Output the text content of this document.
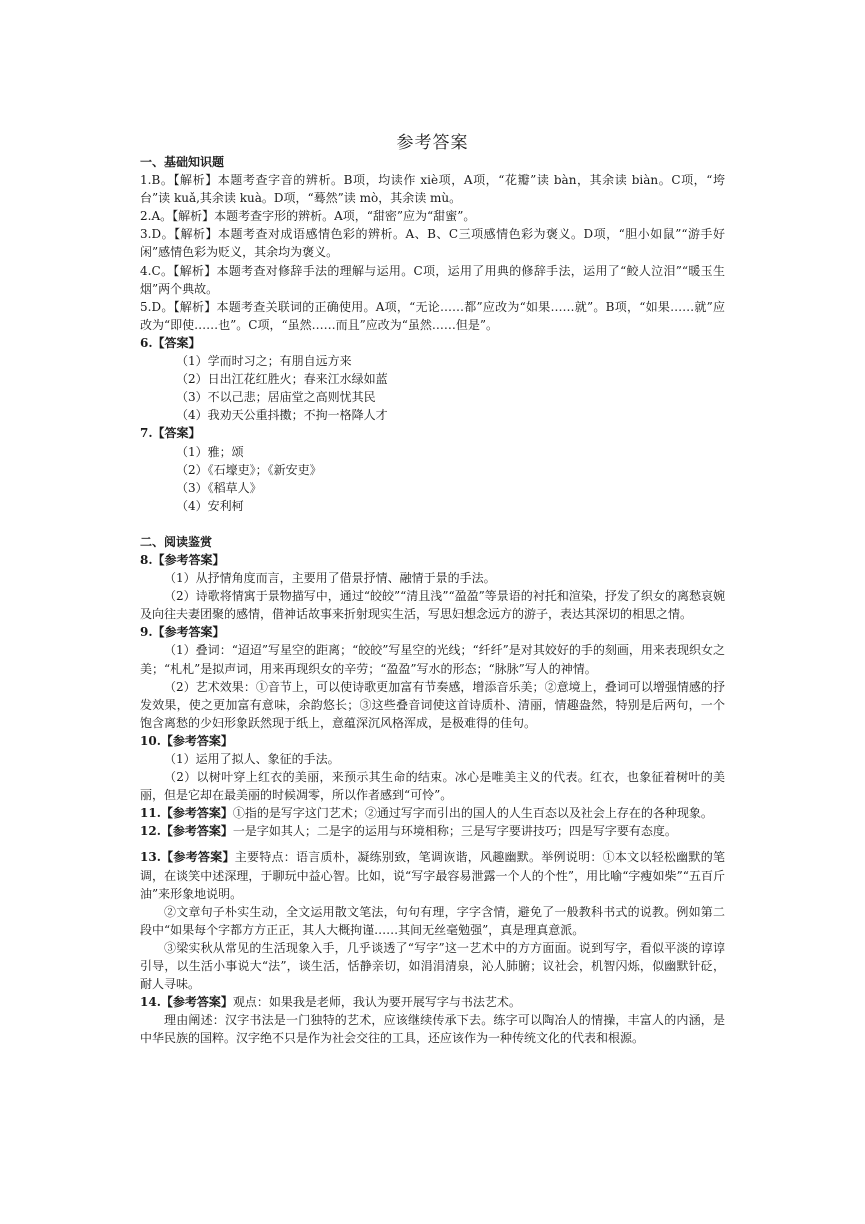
参考答案
一、基础知识题
1.B。【解析】本题考查字音的辨析。B项，均读作 xiè项，A项，“花瓣”读 bàn，其余读 biàn。C项，“垮台”读 kuǎ,其余读 kuà。D项，“蓦然”读 mò，其余读 mù。
2.A。【解析】本题考查字形的辨析。A项，“甜密”应为“甜蜜”。
3.D。【解析】本题考查对成语感情色彩的辨析。A、B、C三项感情色彩为褒义。D项，“胆小如鼠”“游手好闲”感情色彩为贬义，其余均为褒义。
4.C。【解析】本题考查对修辞手法的理解与运用。C项，运用了用典的修辞手法，运用了“鲛人泣泪”“暖玉生烟”两个典故。
5.D。【解析】本题考查关联词的正确使用。A项，“无论……都”应改为“如果……就”。B项，“如果……就”应改为“即使……也”。C项，“虽然……而且”应改为“虽然……但是”。
6.【答案】
（1）学而时习之；有朋自远方来
（2）日出江花红胜火；春来江水绿如蓝
（3）不以己悲；居庙堂之高则忧其民
（4）我劝天公重抖擞；不拘一格降人才
7.【答案】
（1）雅；颂
（2）《石壕吏》；《新安吏》
（3）《稻草人》
（4）安利柯
二、阅读鉴赏
8.【参考答案】
（1）从抒情角度而言，主要用了借景抒情、融情于景的手法。
（2）诗歌将情寓于景物描写中，通过“皎皎”“清且浅”“盈盈”等景语的衬托和渲染，抒发了织女的离愁哀婉及向往夫妻团聚的感情，借神话故事来折射现实生活，写思妇想念远方的游子，表达其深切的相思之情。
9.【参考答案】
（1）叠词：“迢迢”写星空的距离；“皎皎”写星空的光线；“纤纤”是对其姣好的手的刻画，用来表现织女之美；“札札”是拟声词，用来再现织女的辛劳；“盈盈”写水的形态；“脉脉”写人的神情。
（2）艺术效果：①音节上，可以使诗歌更加富有节奏感，增添音乐美；②意境上，叠词可以增强情感的抒发效果，使之更加富有意味，余韵悠长；③这些叠音词使这首诗质朴、清丽，情趣盎然，特别是后两句，一个饱含离愁的少妇形象跃然现于纸上，意蕴深沉风格浑成，是极难得的佳句。
10.【参考答案】
（1）运用了拟人、象征的手法。
（2）以树叶穿上红衣的美丽，来预示其生命的结束。冰心是唯美主义的代表。红衣，也象征着树叶的美丽，但是它却在最美丽的时候凋零，所以作者感到“可怜”。
11.【参考答案】①指的是写字这门艺术；②通过写字而引出的国人的人生百态以及社会上存在的各种现象。
12.【参考答案】一是字如其人；二是字的运用与环境相称；三是写字要讲技巧；四是写字要有态度。
13.【参考答案】主要特点：语言质朴，凝练别致，笔调诙谐，风趣幽默。举例说明：①本文以轻松幽默的笔调，在谈笑中述深理，于聊玩中益心智。比如，说“写字最容易泄露一个人的个性”，用比喻“字瘦如柴”“五百斤油”来形象地说明。
②文章句子朴实生动，全文运用散文笔法，句句有理，字字含情，避免了一般教科书式的说教。例如第二段中“如果每个字都方方正正，其人大概拘谨……其间无丝毫勉强”，真是理真意派。
③梁实秋从常见的生活现象入手，几乎谈透了“写字”这一艺术中的方方面面。说到写字，看似平淡的谆谆引导，以生活小事说大“法”，谈生活，恬静亲切，如涓涓清泉，沁人肺腑；议社会，机智闪烁，似幽默针砭，耐人寻味。
14.【参考答案】观点：如果我是老师，我认为要开展写字与书法艺术。
理由阐述：汉字书法是一门独特的艺术，应该继续传承下去。练字可以陶冶人的情操，丰富人的内涵，是中华民族的国粹。汉字绝不只是作为社会交往的工具，还应该作为一种传统文化的代表和根源。
